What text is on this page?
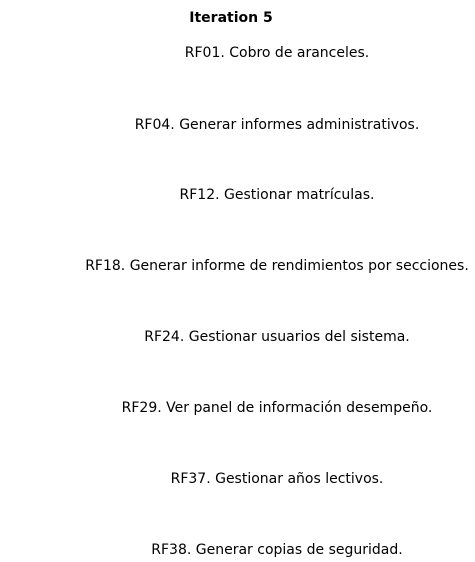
Iteration 5
RF01. Cobro de aranceles.
RF04. Generar informes administrativos.
RF12. Gestionar matrículas.
RF18. Generar informe de rendimientos por secciones.
RF24. Gestionar usuarios del sistema.
RF29. Ver panel de información desempeño.
RF37. Gestionar años lectivos.
RF38. Generar copias de seguridad.
